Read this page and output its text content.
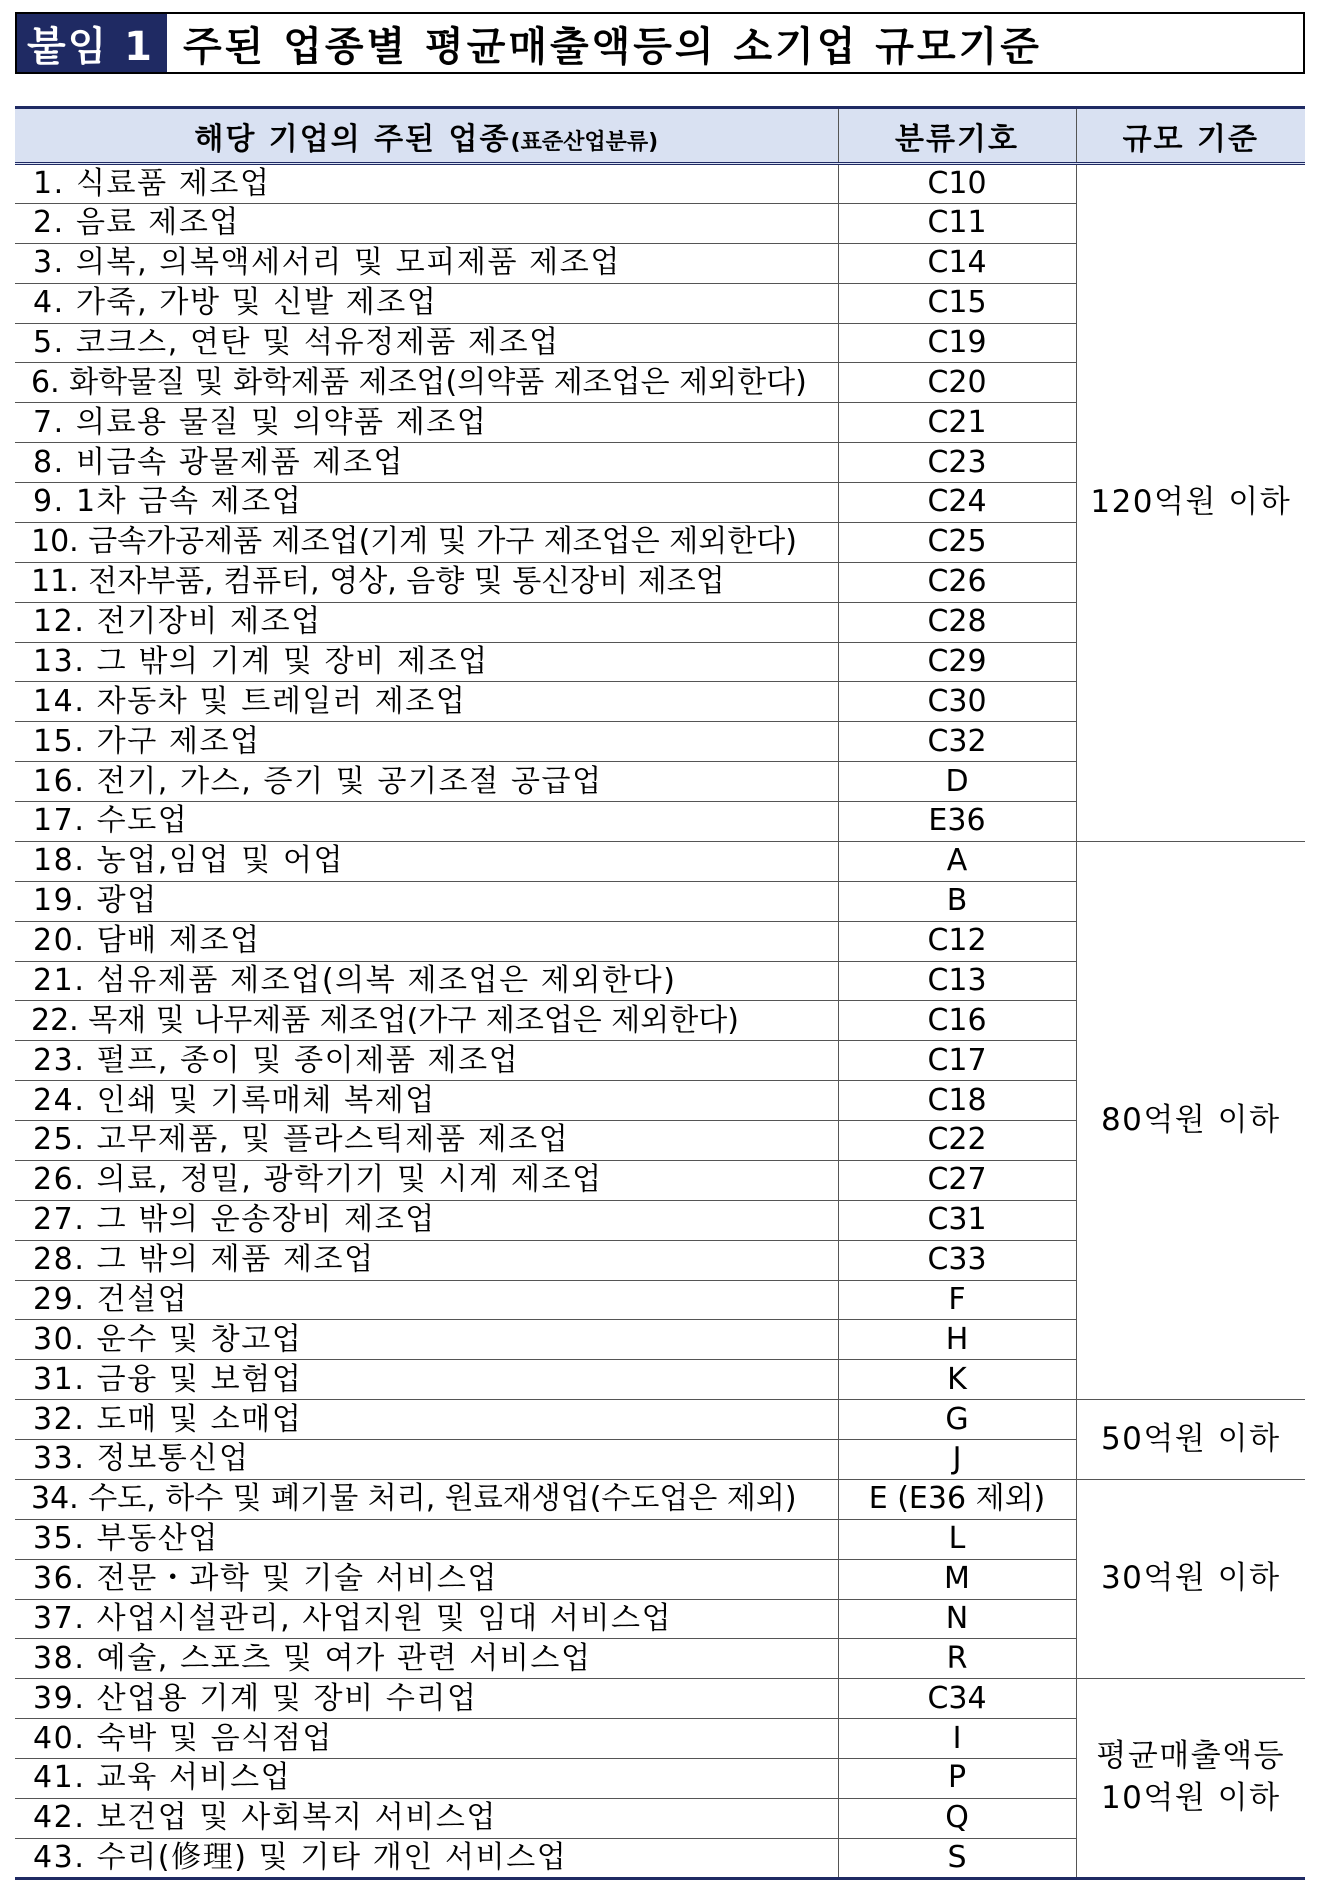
붙임 1 주된 업종별 평균매출액등의 소기업 규모기준
해당 기업의 주된 업종(표준산업분류)	분류기호	규모 기준
1. 식료품 제조업	C10	120억원 이하
2. 음료 제조업	C11	
3. 의복, 의복액세서리 및 모피제품 제조업	C14	
4. 가죽, 가방 및 신발 제조업	C15	
5. 코크스, 연탄 및 석유정제품 제조업	C19	
6. 화학물질 및 화학제품 제조업(의약품 제조업은 제외한다)	C20	
7. 의료용 물질 및 의약품 제조업	C21	
8. 비금속 광물제품 제조업	C23	
9. 1차 금속 제조업	C24	
10. 금속가공제품 제조업(기계 및 가구 제조업은 제외한다)	C25	
11. 전자부품, 컴퓨터, 영상, 음향 및 통신장비 제조업	C26	
12. 전기장비 제조업	C28	
13. 그 밖의 기계 및 장비 제조업	C29	
14. 자동차 및 트레일러 제조업	C30	
15. 가구 제조업	C32	
16. 전기, 가스, 증기 및 공기조절 공급업	D	
17. 수도업	E36	
18. 농업,임업 및 어업	A	80억원 이하
19. 광업	B	
20. 담배 제조업	C12	
21. 섬유제품 제조업(의복 제조업은 제외한다)	C13	
22. 목재 및 나무제품 제조업(가구 제조업은 제외한다)	C16	
23. 펄프, 종이 및 종이제품 제조업	C17	
24. 인쇄 및 기록매체 복제업	C18	
25. 고무제품, 및 플라스틱제품 제조업	C22	
26. 의료, 정밀, 광학기기 및 시계 제조업	C27	
27. 그 밖의 운송장비 제조업	C31	
28. 그 밖의 제품 제조업	C33	
29. 건설업	F	
30. 운수 및 창고업	H	
31. 금융 및 보험업	K	
32. 도매 및 소매업	G	50억원 이하
33. 정보통신업	J	
34. 수도, 하수 및 폐기물 처리, 원료재생업(수도업은 제외)	E (E36 제외)	30억원 이하
35. 부동산업	L	
36. 전문・과학 및 기술 서비스업	M	
37. 사업시설관리, 사업지원 및 임대 서비스업	N	
38. 예술, 스포츠 및 여가 관련 서비스업	R	
39. 산업용 기계 및 장비 수리업	C34	평균매출액등
10억원 이하

40. 숙박 및 음식점업	I	
41. 교육 서비스업	P	
42. 보건업 및 사회복지 서비스업	Q	
43. 수리(修理) 및 기타 개인 서비스업	S	
